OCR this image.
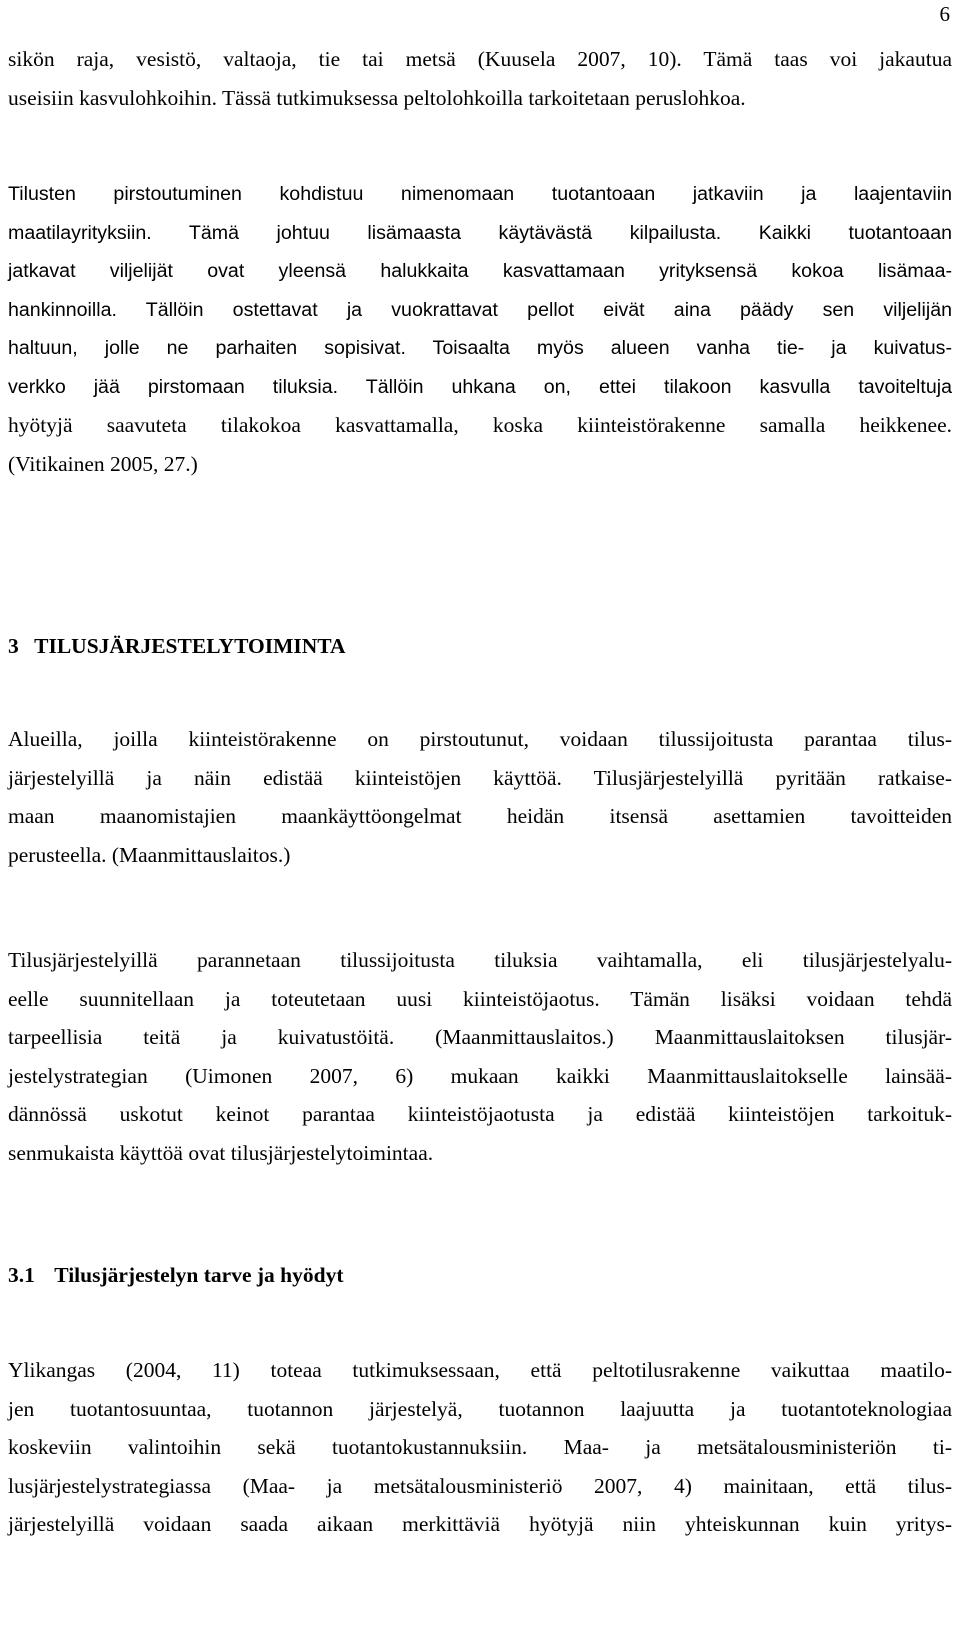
6
sikön raja, vesistö, valtaoja, tie tai metsä (Kuusela 2007, 10). Tämä taas voi jakautua
useisiin kasvulohkoihin. Tässä tutkimuksessa peltolohkoilla tarkoitetaan peruslohkoa.
Tilusten pirstoutuminen kohdistuu nimenomaan tuotantoaan jatkaviin ja laajentaviin
maatilayrityksiin. Tämä johtuu lisämaasta käytävästä kilpailusta. Kaikki tuotantoaan
jatkavat viljelijät ovat yleensä halukkaita kasvattamaan yrityksensä kokoa lisämaa-
hankinnoilla. Tällöin ostettavat ja vuokrattavat pellot eivät aina päädy sen viljelijän
haltuun, jolle ne parhaiten sopisivat. Toisaalta myös alueen vanha tie- ja kuivatus-
verkko jää pirstomaan tiluksia. Tällöin uhkana on, ettei tilakoon kasvulla tavoiteltuja
hyötyjä saavuteta tilakokoa kasvattamalla, koska kiinteistörakenne samalla heikkenee.
(Vitikainen 2005, 27.)
3 TILUSJÄRJESTELYTOIMINTA
Alueilla, joilla kiinteistörakenne on pirstoutunut, voidaan tilussijoitusta parantaa tilus-
järjestelyillä ja näin edistää kiinteistöjen käyttöä. Tilusjärjestelyillä pyritään ratkaise-
maan maanomistajien maankäyttöongelmat heidän itsensä asettamien tavoitteiden
perusteella. (Maanmittauslaitos.)
Tilusjärjestelyillä parannetaan tilussijoitusta tiluksia vaihtamalla, eli tilusjärjestelyalu-
eelle suunnitellaan ja toteutetaan uusi kiinteistöjaotus. Tämän lisäksi voidaan tehdä
tarpeellisia teitä ja kuivatustöitä. (Maanmittauslaitos.) Maanmittauslaitoksen tilusjär-
jestelystrategian (Uimonen 2007, 6) mukaan kaikki Maanmittauslaitokselle lainsää-
dännössä uskotut keinot parantaa kiinteistöjaotusta ja edistää kiinteistöjen tarkoituk-
senmukaista käyttöä ovat tilusjärjestelytoimintaa.
3.1 Tilusjärjestelyn tarve ja hyödyt
Ylikangas (2004, 11) toteaa tutkimuksessaan, että peltotilusrakenne vaikuttaa maatilo-
jen tuotantosuuntaa, tuotannon järjestelyä, tuotannon laajuutta ja tuotantoteknologiaa
koskeviin valintoihin sekä tuotantokustannuksiin. Maa- ja metsätalousministeriön ti-
lusjärjestelystrategiassa (Maa- ja metsätalousministeriö 2007, 4) mainitaan, että tilus-
järjestelyillä voidaan saada aikaan merkittäviä hyötyjä niin yhteiskunnan kuin yritys-
